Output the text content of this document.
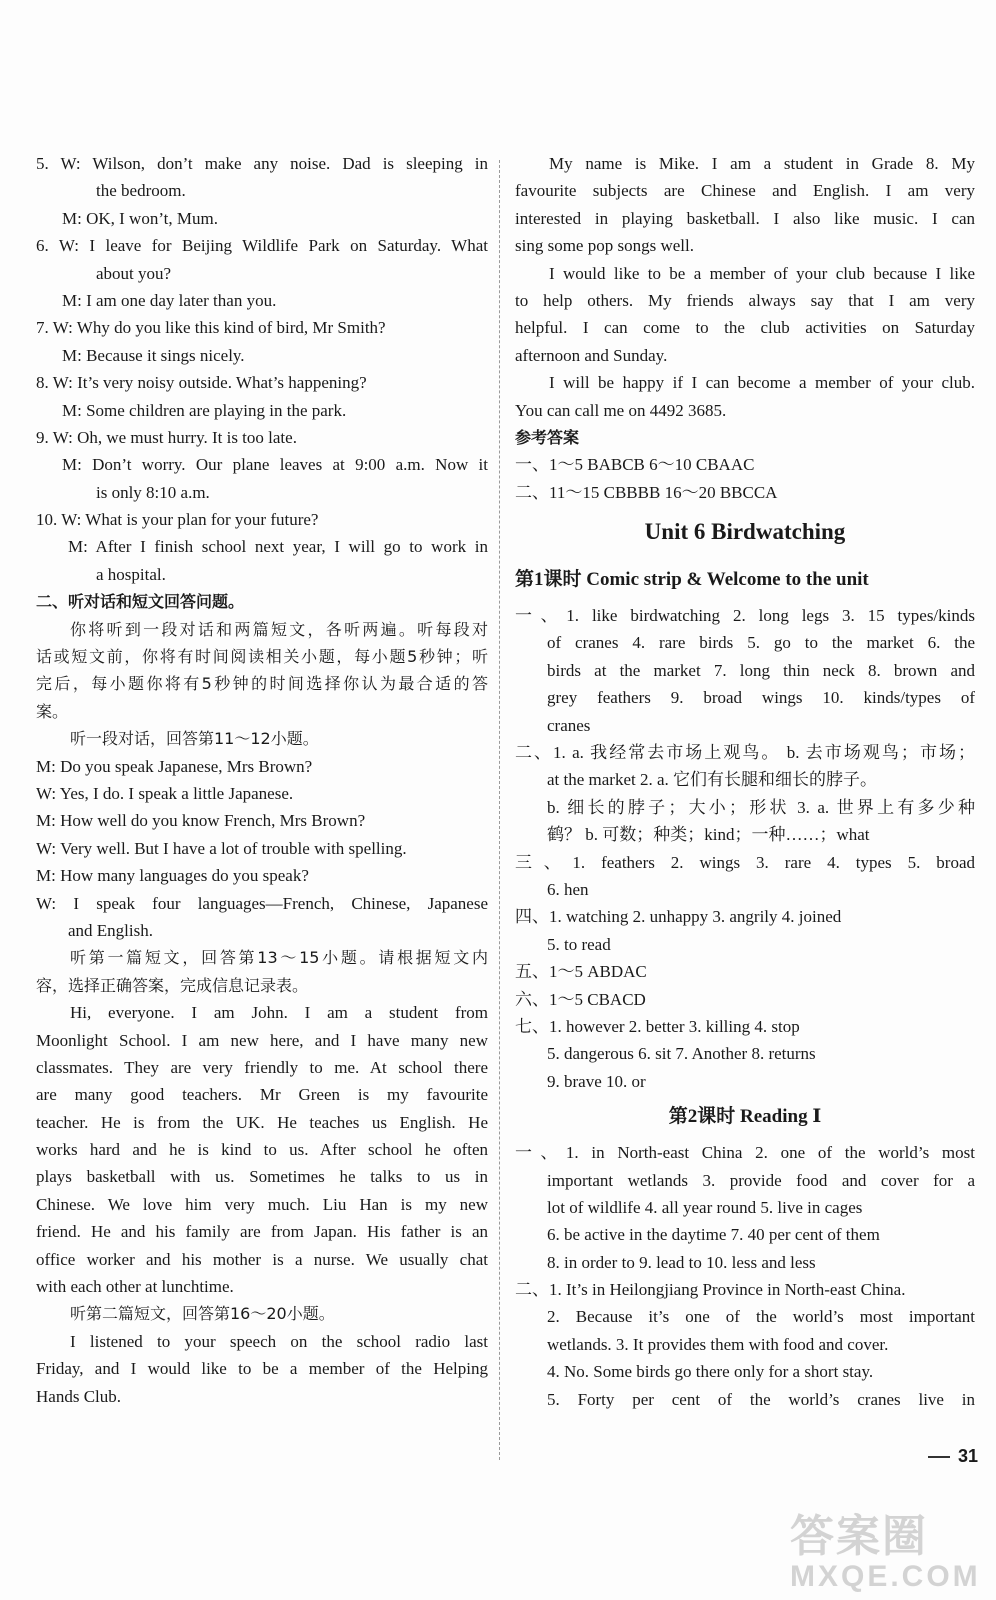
5. W: Wilson, don’t make any noise. Dad is sleeping in
the bedroom.
M: OK, I won’t, Mum.
6. W: I leave for Beijing Wildlife Park on Saturday. What
about you?
M: I am one day later than you.
7. W: Why do you like this kind of bird, Mr Smith?
M: Because it sings nicely.
8. W: It’s very noisy outside. What’s happening?
M: Some children are playing in the park.
9. W: Oh, we must hurry. It is too late.
M: Don’t worry. Our plane leaves at 9:00 a.m. Now it
is only 8:10 a.m.
10. W: What is your plan for your future?
M: After I finish school next year, I will go to work in
a hospital.
二、听对话和短文回答问题。
你将听到一段对话和两篇短文，各听两遍。听每段对
话或短文前，你将有时间阅读相关小题，每小题5秒钟；听
完后，每小题你将有5秒钟的时间选择你认为最合适的答
案。
听一段对话，回答第11～12小题。
M: Do you speak Japanese, Mrs Brown?
W: Yes, I do. I speak a little Japanese.
M: How well do you know French, Mrs Brown?
W: Very well. But I have a lot of trouble with spelling.
M: How many languages do you speak?
W: I speak four languages—French, Chinese, Japanese
and English.
听第一篇短文，回答第13～15小题。请根据短文内
容，选择正确答案，完成信息记录表。
Hi, everyone. I am John. I am a student from
Moonlight School. I am new here, and I have many new
classmates. They are very friendly to me. At school there
are many good teachers. Mr Green is my favourite
teacher. He is from the UK. He teaches us English. He
works hard and he is kind to us. After school he often
plays basketball with us. Sometimes he talks to us in
Chinese. We love him very much. Liu Han is my new
friend. He and his family are from Japan. His father is an
office worker and his mother is a nurse. We usually chat
with each other at lunchtime.
听第二篇短文，回答第16～20小题。
I listened to your speech on the school radio last
Friday, and I would like to be a member of the Helping
Hands Club.
My name is Mike. I am a student in Grade 8. My
favourite subjects are Chinese and English. I am very
interested in playing basketball. I also like music. I can
sing some pop songs well.
I would like to be a member of your club because I like
to help others. My friends always say that I am very
helpful. I can come to the club activities on Saturday
afternoon and Sunday.
I will be happy if I can become a member of your club.
You can call me on 4492 3685.
参考答案
一、1～5 BABCB 6～10 CBAAC
二、11～15 CBBBB 16～20 BBCCA
Unit 6 Birdwatching
第1课时 Comic strip & Welcome to the unit
一、1. like birdwatching 2. long legs 3. 15 types/kinds
of cranes 4. rare birds 5. go to the market 6. the
birds at the market 7. long thin neck 8. brown and
grey feathers 9. broad wings 10. kinds/types of
cranes
二、1. a. 我经常去市场上观鸟。 b. 去市场观鸟；市场；
at the market 2. a. 它们有长腿和细长的脖子。
b. 细长的脖子；大小；形状 3. a. 世界上有多少种
鹤？ b. 可数；种类；kind；一种……；what
三、1. feathers 2. wings 3. rare 4. types 5. broad
6. hen
四、1. watching 2. unhappy 3. angrily 4. joined
5. to read
五、1～5 ABDAC
六、1～5 CBACD
七、1. however 2. better 3. killing 4. stop
5. dangerous 6. sit 7. Another 8. returns
9. brave 10. or
第2课时 Reading Ⅰ
一、1. in North-east China 2. one of the world’s most
important wetlands 3. provide food and cover for a
lot of wildlife 4. all year round 5. live in cages
6. be active in the daytime 7. 40 per cent of them
8. in order to 9. lead to 10. less and less
二、1. It’s in Heilongjiang Province in North-east China.
2. Because it’s one of the world’s most important
wetlands. 3. It provides them with food and cover.
4. No. Some birds go there only for a short stay.
5. Forty per cent of the world’s cranes live in
31
答案圈
MXQE.COM
